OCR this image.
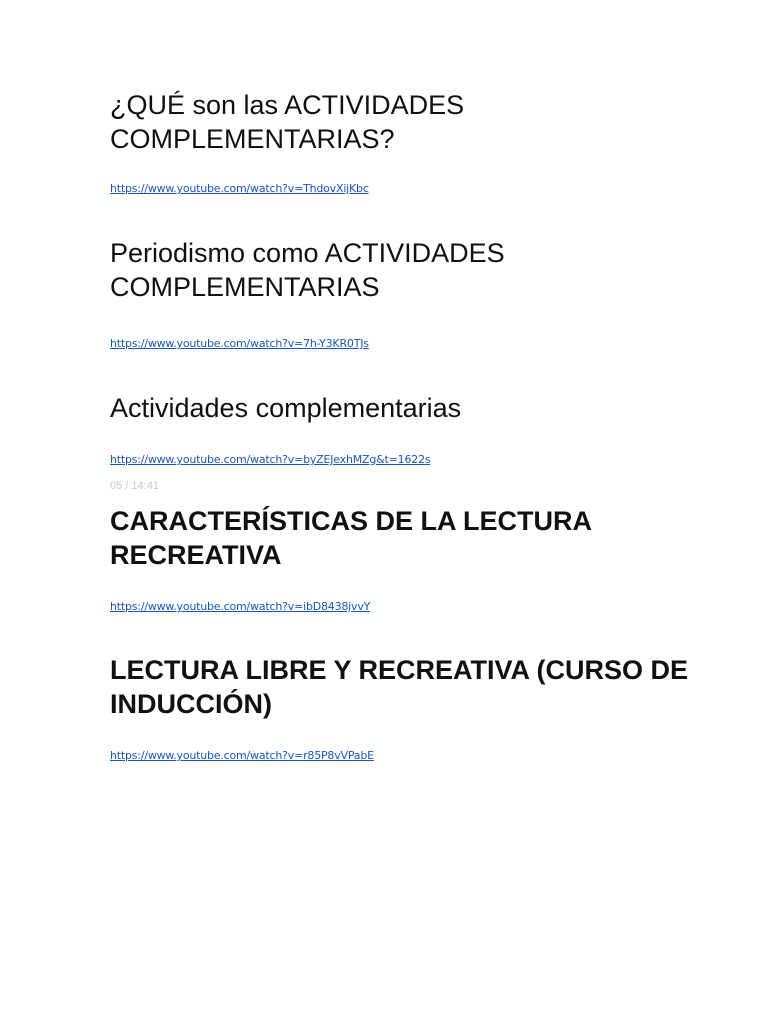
¿QUÉ son las ACTIVIDADES COMPLEMENTARIAS?
https://www.youtube.com/watch?v=ThdovXijKbc
Periodismo como ACTIVIDADES COMPLEMENTARIAS
https://www.youtube.com/watch?v=7h-Y3KR0TJs
Actividades complementarias
https://www.youtube.com/watch?v=byZEJexhMZg&t=1622s
05 / 14:41
CARACTERÍSTICAS DE LA LECTURA RECREATIVA
https://www.youtube.com/watch?v=ibD8438jvvY
LECTURA LIBRE Y RECREATIVA (CURSO DE INDUCCIÓN)
https://www.youtube.com/watch?v=r85P8vVPabE
